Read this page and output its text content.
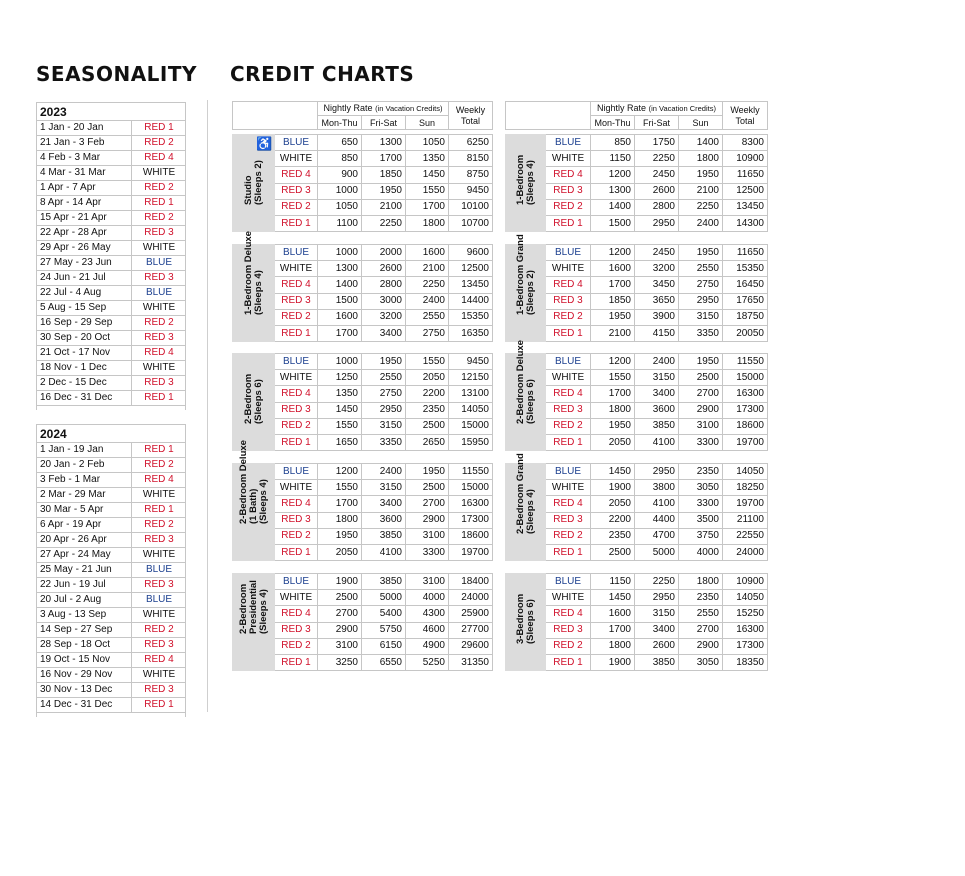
SEASONALITY CREDIT CHARTS
2023	
1 Jan - 20 Jan	RED 1
21 Jan - 3 Feb	RED 2
4 Feb - 3 Mar	RED 4
4 Mar - 31 Mar	WHITE
1 Apr - 7 Apr	RED 2
8 Apr - 14 Apr	RED 1
15 Apr - 21 Apr	RED 2
22 Apr - 28 Apr	RED 3
29 Apr - 26 May	WHITE
27 May - 23 Jun	BLUE
24 Jun - 21 Jul	RED 3
22 Jul - 4 Aug	BLUE
5 Aug - 15 Sep	WHITE
16 Sep - 29 Sep	RED 2
30 Sep - 20 Oct	RED 3
21 Oct - 17 Nov	RED 4
18 Nov - 1 Dec	WHITE
2 Dec - 15 Dec	RED 3
16 Dec - 31 Dec	RED 1

2024	
1 Jan - 19 Jan	RED 1
20 Jan - 2 Feb	RED 2
3 Feb - 1 Mar	RED 4
2 Mar - 29 Mar	WHITE
30 Mar - 5 Apr	RED 1
6 Apr - 19 Apr	RED 2
20 Apr - 26 Apr	RED 3
27 Apr - 24 May	WHITE
25 May - 21 Jun	BLUE
22 Jun - 19 Jul	RED 3
20 Jul - 2 Aug	BLUE
3 Aug - 13 Sep	WHITE
14 Sep - 27 Sep	RED 2
28 Sep - 18 Oct	RED 3
19 Oct - 15 Nov	RED 4
16 Nov - 29 Nov	WHITE
30 Nov - 13 Dec	RED 3
14 Dec - 31 Dec	RED 1

	Nightly Rate (in Vacation Credits)			Weekly Total
	Mon-Thu	Fri-Sat	Sun	
	Nightly Rate (in Vacation Credits)			Weekly Total
	Mon-Thu	Fri-Sat	Sun	
♿
Studio (Sleeps 2)	BLUE	650	1300	1050	6250
	WHITE	850	1700	1350	8150
	RED 4	900	1850	1450	8750
	RED 3	1000	1950	1550	9450
	RED 2	1050	2100	1700	10100
	RED 1	1100	2250	1800	10700
1-Bedroom Deluxe (Sleeps 4)	BLUE	1000	2000	1600	9600
	WHITE	1300	2600	2100	12500
	RED 4	1400	2800	2250	13450
	RED 3	1500	3000	2400	14400
	RED 2	1600	3200	2550	15350
	RED 1	1700	3400	2750	16350
2-Bedroom (Sleeps 6)	BLUE	1000	1950	1550	9450
	WHITE	1250	2550	2050	12150
	RED 4	1350	2750	2200	13100
	RED 3	1450	2950	2350	14050
	RED 2	1550	3150	2500	15000
	RED 1	1650	3350	2650	15950
2-Bedroom Deluxe (1 Bath) (Sleeps 4)	BLUE	1200	2400	1950	11550
	WHITE	1550	3150	2500	15000
	RED 4	1700	3400	2700	16300
	RED 3	1800	3600	2900	17300
	RED 2	1950	3850	3100	18600
	RED 1	2050	4100	3300	19700
2-Bedroom Presidential (Sleeps 4)	BLUE	1900	3850	3100	18400
	WHITE	2500	5000	4000	24000
	RED 4	2700	5400	4300	25900
	RED 3	2900	5750	4600	27700
	RED 2	3100	6150	4900	29600
	RED 1	3250	6550	5250	31350
1-Bedroom (Sleeps 4)	BLUE	850	1750	1400	8300
	WHITE	1150	2250	1800	10900
	RED 4	1200	2450	1950	11650
	RED 3	1300	2600	2100	12500
	RED 2	1400	2800	2250	13450
	RED 1	1500	2950	2400	14300
1-Bedroom Grand (Sleeps 2)	BLUE	1200	2450	1950	11650
	WHITE	1600	3200	2550	15350
	RED 4	1700	3450	2750	16450
	RED 3	1850	3650	2950	17650
	RED 2	1950	3900	3150	18750
	RED 1	2100	4150	3350	20050
2-Bedroom Deluxe (Sleeps 6)	BLUE	1200	2400	1950	11550
	WHITE	1550	3150	2500	15000
	RED 4	1700	3400	2700	16300
	RED 3	1800	3600	2900	17300
	RED 2	1950	3850	3100	18600
	RED 1	2050	4100	3300	19700
2-Bedroom Grand (Sleeps 4)	BLUE	1450	2950	2350	14050
	WHITE	1900	3800	3050	18250
	RED 4	2050	4100	3300	19700
	RED 3	2200	4400	3500	21100
	RED 2	2350	4700	3750	22550
	RED 1	2500	5000	4000	24000
3-Bedroom (Sleeps 6)	BLUE	1150	2250	1800	10900
	WHITE	1450	2950	2350	14050
	RED 4	1600	3150	2550	15250
	RED 3	1700	3400	2700	16300
	RED 2	1800	2600	2900	17300
	RED 1	1900	3850	3050	18350
